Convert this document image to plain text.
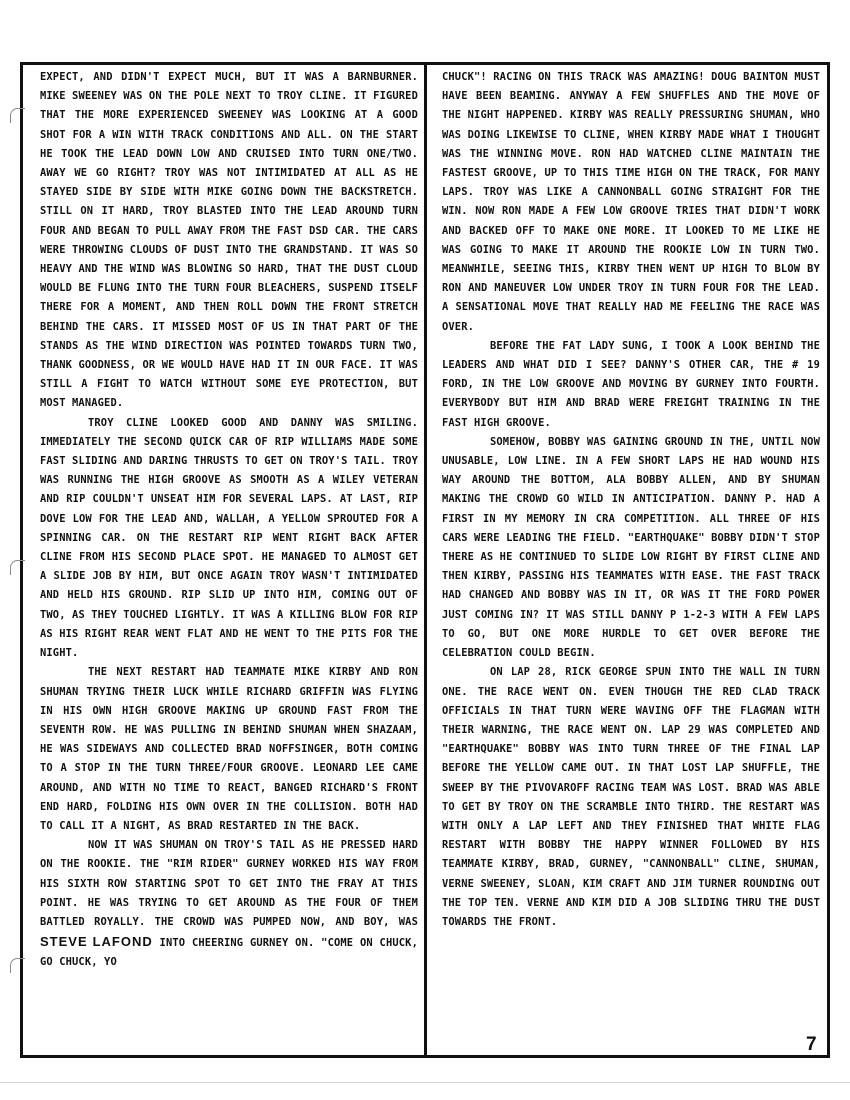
EXPECT, AND DIDN'T EXPECT MUCH, BUT IT WAS A BARNBURNER. MIKE SWEENEY WAS ON THE POLE NEXT TO TROY CLINE. IT FIGURED THAT THE MORE EXPERIENCED SWEENEY WAS LOOKING AT A GOOD SHOT FOR A WIN WITH TRACK CONDITIONS AND ALL. ON THE START HE TOOK THE LEAD DOWN LOW AND CRUISED INTO TURN ONE/TWO. AWAY WE GO RIGHT? TROY WAS NOT INTIMIDATED AT ALL AS HE STAYED SIDE BY SIDE WITH MIKE GOING DOWN THE BACKSTRETCH. STILL ON IT HARD, TROY BLASTED INTO THE LEAD AROUND TURN FOUR AND BEGAN TO PULL AWAY FROM THE FAST DSD CAR. THE CARS WERE THROWING CLOUDS OF DUST INTO THE GRANDSTAND. IT WAS SO HEAVY AND THE WIND WAS BLOWING SO HARD, THAT THE DUST CLOUD WOULD BE FLUNG INTO THE TURN FOUR BLEACHERS, SUSPEND ITSELF THERE FOR A MOMENT, AND THEN ROLL DOWN THE FRONT STRETCH BEHIND THE CARS. IT MISSED MOST OF US IN THAT PART OF THE STANDS AS THE WIND DIRECTION WAS POINTED TOWARDS TURN TWO, THANK GOODNESS, OR WE WOULD HAVE HAD IT IN OUR FACE. IT WAS STILL A FIGHT TO WATCH WITHOUT SOME EYE PROTECTION, BUT MOST MANAGED.

TROY CLINE LOOKED GOOD AND DANNY WAS SMILING. IMMEDIATELY THE SECOND QUICK CAR OF RIP WILLIAMS MADE SOME FAST SLIDING AND DARING THRUSTS TO GET ON TROY'S TAIL. TROY WAS RUNNING THE HIGH GROOVE AS SMOOTH AS A WILEY VETERAN AND RIP COULDN'T UNSEAT HIM FOR SEVERAL LAPS. AT LAST, RIP DOVE LOW FOR THE LEAD AND, WALLAH, A YELLOW SPROUTED FOR A SPINNING CAR. ON THE RESTART RIP WENT RIGHT BACK AFTER CLINE FROM HIS SECOND PLACE SPOT. HE MANAGED TO ALMOST GET A SLIDE JOB BY HIM, BUT ONCE AGAIN TROY WASN'T INTIMIDATED AND HELD HIS GROUND. RIP SLID UP INTO HIM, COMING OUT OF TWO, AS THEY TOUCHED LIGHTLY. IT WAS A KILLING BLOW FOR RIP AS HIS RIGHT REAR WENT FLAT AND HE WENT TO THE PITS FOR THE NIGHT.

THE NEXT RESTART HAD TEAMMATE MIKE KIRBY AND RON SHUMAN TRYING THEIR LUCK WHILE RICHARD GRIFFIN WAS FLYING IN HIS OWN HIGH GROOVE MAKING UP GROUND FAST FROM THE SEVENTH ROW. HE WAS PULLING IN BEHIND SHUMAN WHEN SHAZAAM, HE WAS SIDEWAYS AND COLLECTED BRAD NOFFSINGER, BOTH COMING TO A STOP IN THE TURN THREE/FOUR GROOVE. LEONARD LEE CAME AROUND, AND WITH NO TIME TO REACT, BANGED RICHARD'S FRONT END HARD, FOLDING HIS OWN OVER IN THE COLLISION. BOTH HAD TO CALL IT A NIGHT, AS BRAD RESTARTED IN THE BACK.

NOW IT WAS SHUMAN ON TROY'S TAIL AS HE PRESSED HARD ON THE ROOKIE. THE "RIM RIDER" GURNEY WORKED HIS WAY FROM HIS SIXTH ROW STARTING SPOT TO GET INTO THE FRAY AT THIS POINT. HE WAS TRYING TO GET AROUND AS THE FOUR OF THEM BATTLED ROYALLY. THE CROWD WAS PUMPED NOW, AND BOY, WAS STEVE LAFOND INTO CHEERING GURNEY ON. "COME ON CHUCK, GO CHUCK, YO

CHUCK"! RACING ON THIS TRACK WAS AMAZING! DOUG BAINTON MUST HAVE BEEN BEAMING. ANYWAY A FEW SHUFFLES AND THE MOVE OF THE NIGHT HAPPENED. KIRBY WAS REALLY PRESSURING SHUMAN, WHO WAS DOING LIKEWISE TO CLINE, WHEN KIRBY MADE WHAT I THOUGHT WAS THE WINNING MOVE. RON HAD WATCHED CLINE MAINTAIN THE FASTEST GROOVE, UP TO THIS TIME HIGH ON THE TRACK, FOR MANY LAPS. TROY WAS LIKE A CANNONBALL GOING STRAIGHT FOR THE WIN. NOW RON MADE A FEW LOW GROOVE TRIES THAT DIDN'T WORK AND BACKED OFF TO MAKE ONE MORE. IT LOOKED TO ME LIKE HE WAS GOING TO MAKE IT AROUND THE ROOKIE LOW IN TURN TWO. MEANWHILE, SEEING THIS, KIRBY THEN WENT UP HIGH TO BLOW BY RON AND MANEUVER LOW UNDER TROY IN TURN FOUR FOR THE LEAD. A SENSATIONAL MOVE THAT REALLY HAD ME FEELING THE RACE WAS OVER.

BEFORE THE FAT LADY SUNG, I TOOK A LOOK BEHIND THE LEADERS AND WHAT DID I SEE? DANNY'S OTHER CAR, THE # 19 FORD, IN THE LOW GROOVE AND MOVING BY GURNEY INTO FOURTH. EVERYBODY BUT HIM AND BRAD WERE FREIGHT TRAINING IN THE FAST HIGH GROOVE.

SOMEHOW, BOBBY WAS GAINING GROUND IN THE, UNTIL NOW UNUSABLE, LOW LINE. IN A FEW SHORT LAPS HE HAD WOUND HIS WAY AROUND THE BOTTOM, ALA BOBBY ALLEN, AND BY SHUMAN MAKING THE CROWD GO WILD IN ANTICIPATION. DANNY P. HAD A FIRST IN MY MEMORY IN CRA COMPETITION. ALL THREE OF HIS CARS WERE LEADING THE FIELD. "EARTHQUAKE" BOBBY DIDN'T STOP THERE AS HE CONTINUED TO SLIDE LOW RIGHT BY FIRST CLINE AND THEN KIRBY, PASSING HIS TEAMMATES WITH EASE. THE FAST TRACK HAD CHANGED AND BOBBY WAS IN IT, OR WAS IT THE FORD POWER JUST COMING IN? IT WAS STILL DANNY P 1-2-3 WITH A FEW LAPS TO GO, BUT ONE MORE HURDLE TO GET OVER BEFORE THE CELEBRATION COULD BEGIN.

ON LAP 28, RICK GEORGE SPUN INTO THE WALL IN TURN ONE. THE RACE WENT ON. EVEN THOUGH THE RED CLAD TRACK OFFICIALS IN THAT TURN WERE WAVING OFF THE FLAGMAN WITH THEIR WARNING, THE RACE WENT ON. LAP 29 WAS COMPLETED AND "EARTHQUAKE" BOBBY WAS INTO TURN THREE OF THE FINAL LAP BEFORE THE YELLOW CAME OUT. IN THAT LOST LAP SHUFFLE, THE SWEEP BY THE PIVOVAROFF RACING TEAM WAS LOST. BRAD WAS ABLE TO GET BY TROY ON THE SCRAMBLE INTO THIRD. THE RESTART WAS WITH ONLY A LAP LEFT AND THEY FINISHED THAT WHITE FLAG RESTART WITH BOBBY THE HAPPY WINNER FOLLOWED BY HIS TEAMMATE KIRBY, BRAD, GURNEY, "CANNONBALL" CLINE, SHUMAN, VERNE SWEENEY, SLOAN, KIM CRAFT AND JIM TURNER ROUNDING OUT THE TOP TEN. VERNE AND KIM DID A JOB SLIDING THRU THE DUST TOWARDS THE FRONT.

7
